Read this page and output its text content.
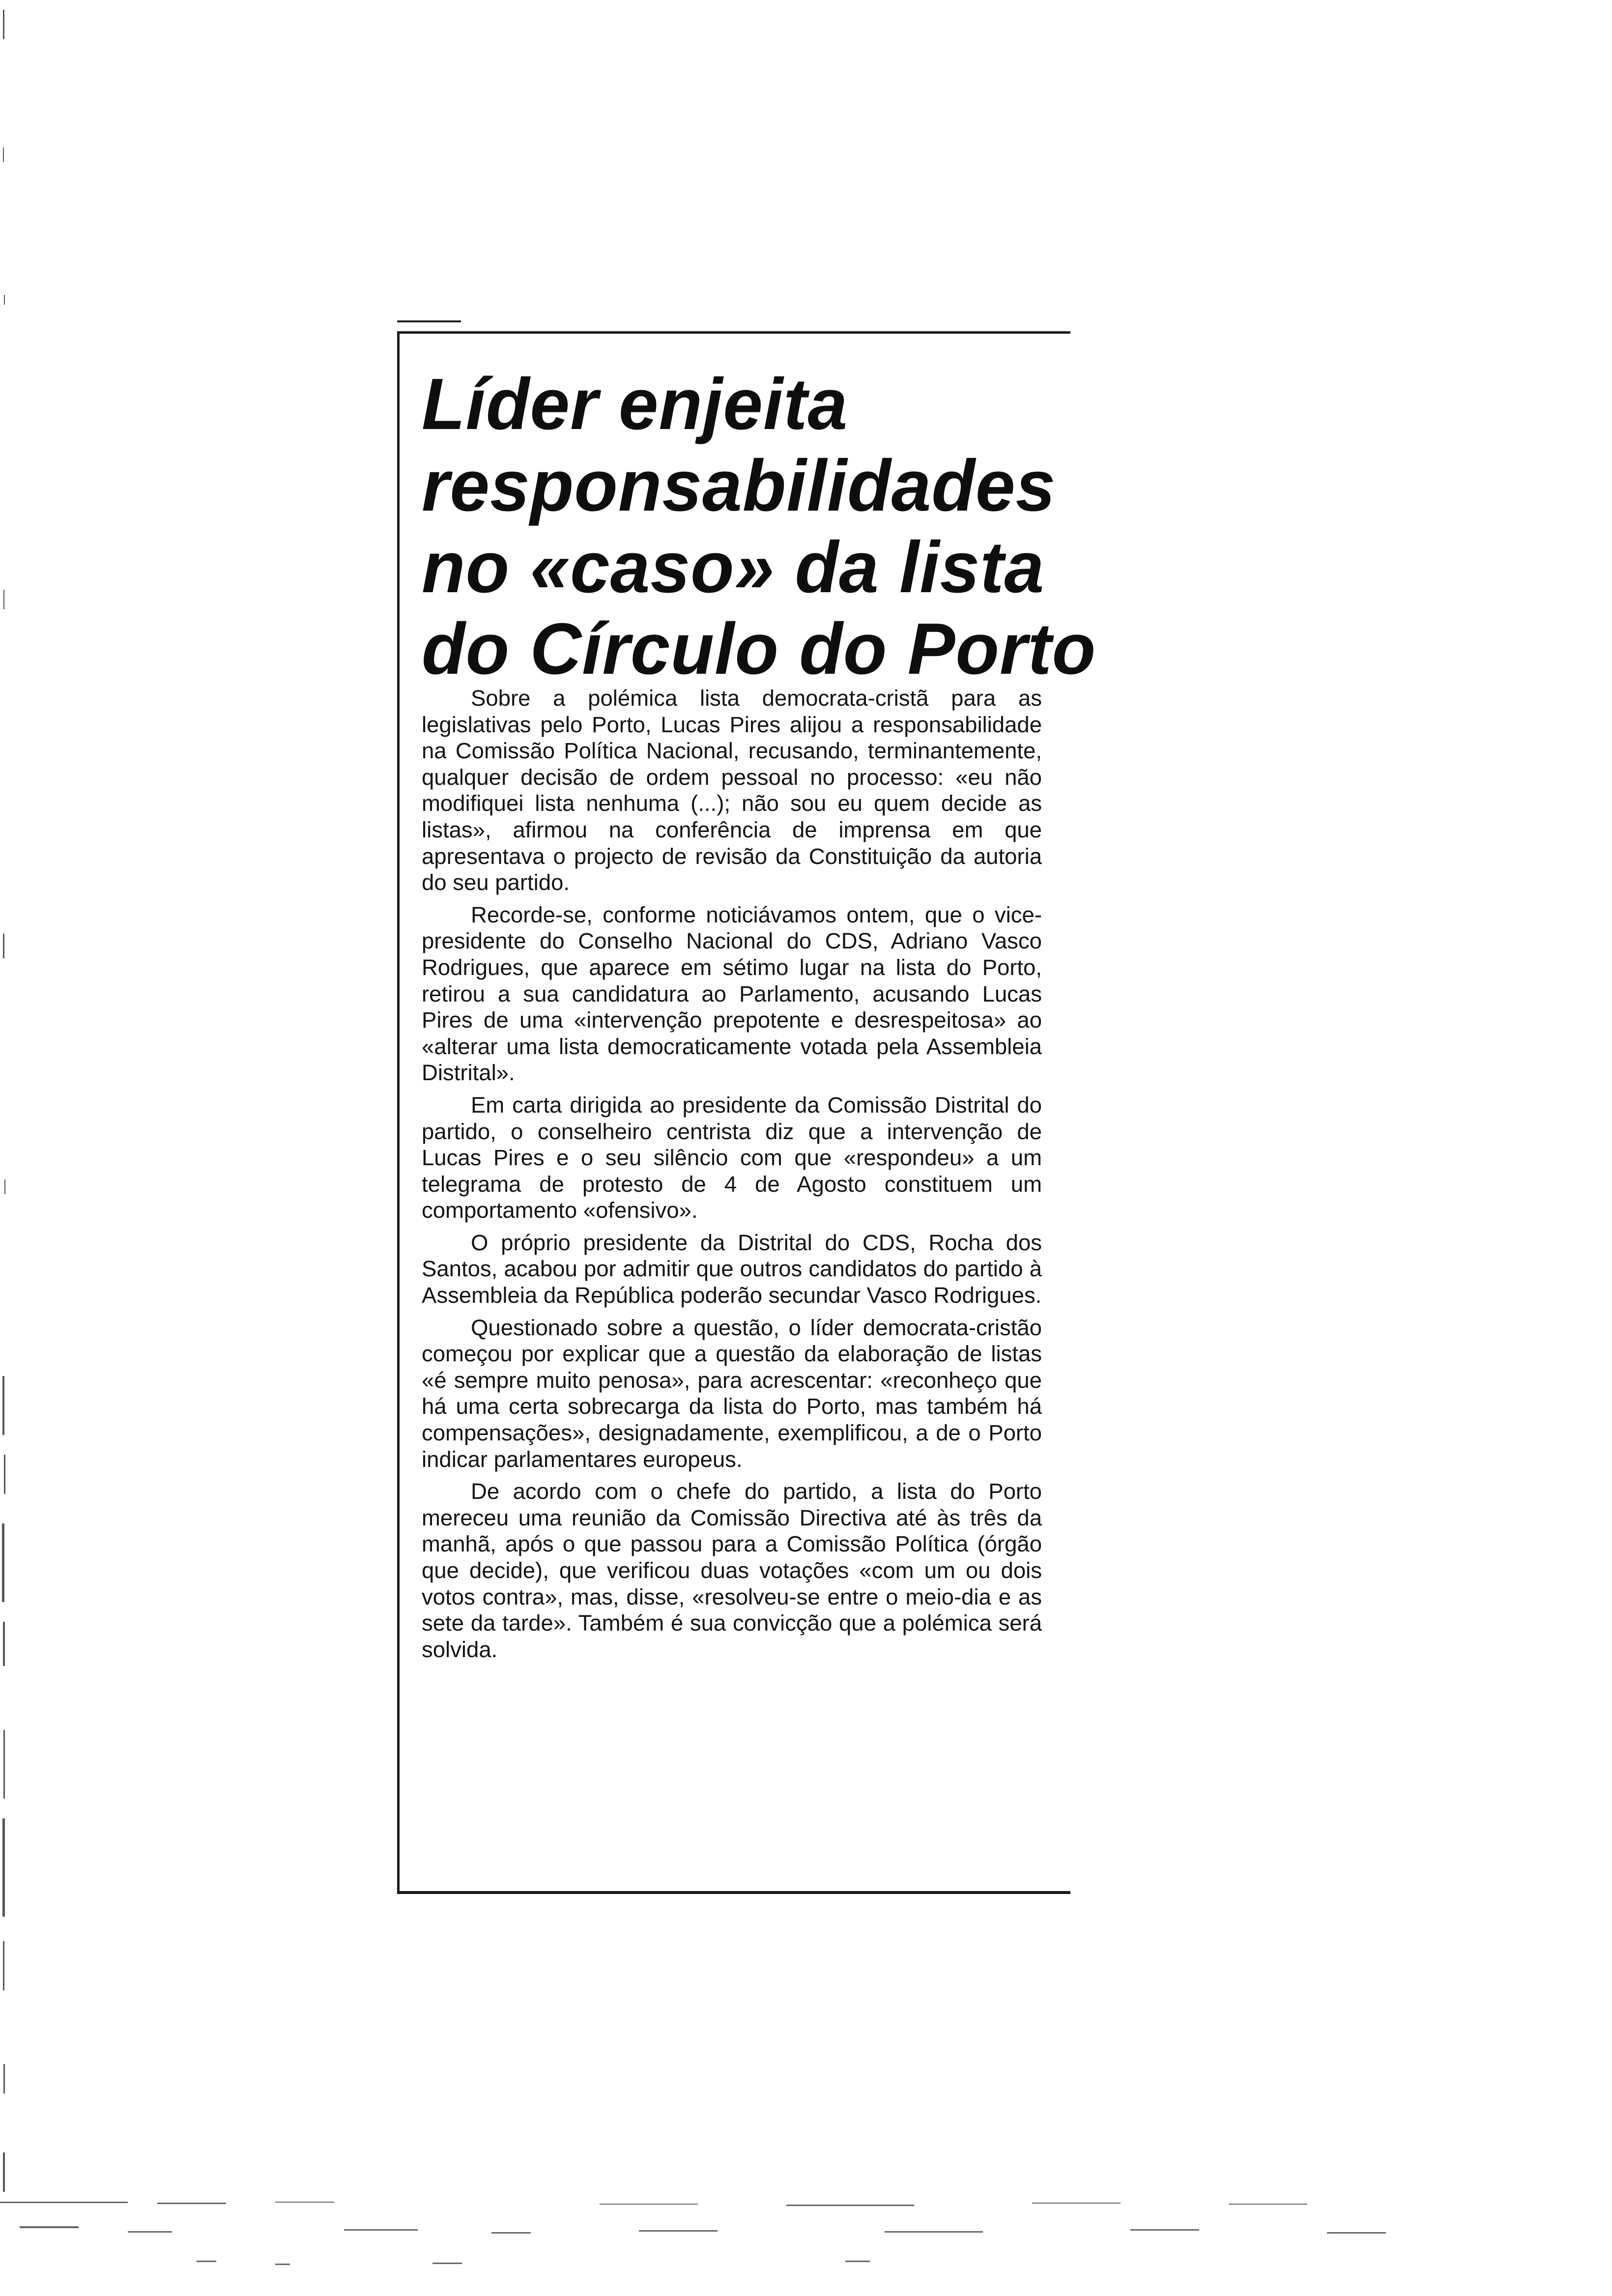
Líder enjeita
responsabilidades
no «caso» da lista
do Círculo do Porto

Sobre a polémica lista democrata-cristã para as legislativas pelo Porto, Lucas Pires alijou a responsabilidade na Comissão Política Nacional, recusando, terminantemente, qualquer decisão de ordem pessoal no processo: «eu não modifiquei lista nenhuma (...); não sou eu quem decide as listas», afirmou na conferência de imprensa em que apresentava o projecto de revisão da Constituição da autoria do seu partido.

Recorde-se, conforme noticiávamos ontem, que o vice-presidente do Conselho Nacional do CDS, Adriano Vasco Rodrigues, que aparece em sétimo lugar na lista do Porto, retirou a sua candidatura ao Parlamento, acusando Lucas Pires de uma «intervenção prepotente e desrespeitosa» ao «alterar uma lista democraticamente votada pela Assembleia Distrital».

Em carta dirigida ao presidente da Comissão Distrital do partido, o conselheiro centrista diz que a intervenção de Lucas Pires e o seu silêncio com que «respondeu» a um telegrama de protesto de 4 de Agosto constituem um comportamento «ofensivo».

O próprio presidente da Distrital do CDS, Rocha dos Santos, acabou por admitir que outros candidatos do partido à Assembleia da República poderão secundar Vasco Rodrigues.

Questionado sobre a questão, o líder democrata-cristão começou por explicar que a questão da elaboração de listas «é sempre muito penosa», para acrescentar: «reconheço que há uma certa sobrecarga da lista do Porto, mas também há compensações», designadamente, exemplificou, a de o Porto indicar parlamentares europeus.

De acordo com o chefe do partido, a lista do Porto mereceu uma reunião da Comissão Directiva até às três da manhã, após o que passou para a Comissão Política (órgão que decide), que verificou duas votações «com um ou dois votos contra», mas, disse, «resolveu-se entre o meio-dia e as sete da tarde». Também é sua convicção que a polémica será solvida.
